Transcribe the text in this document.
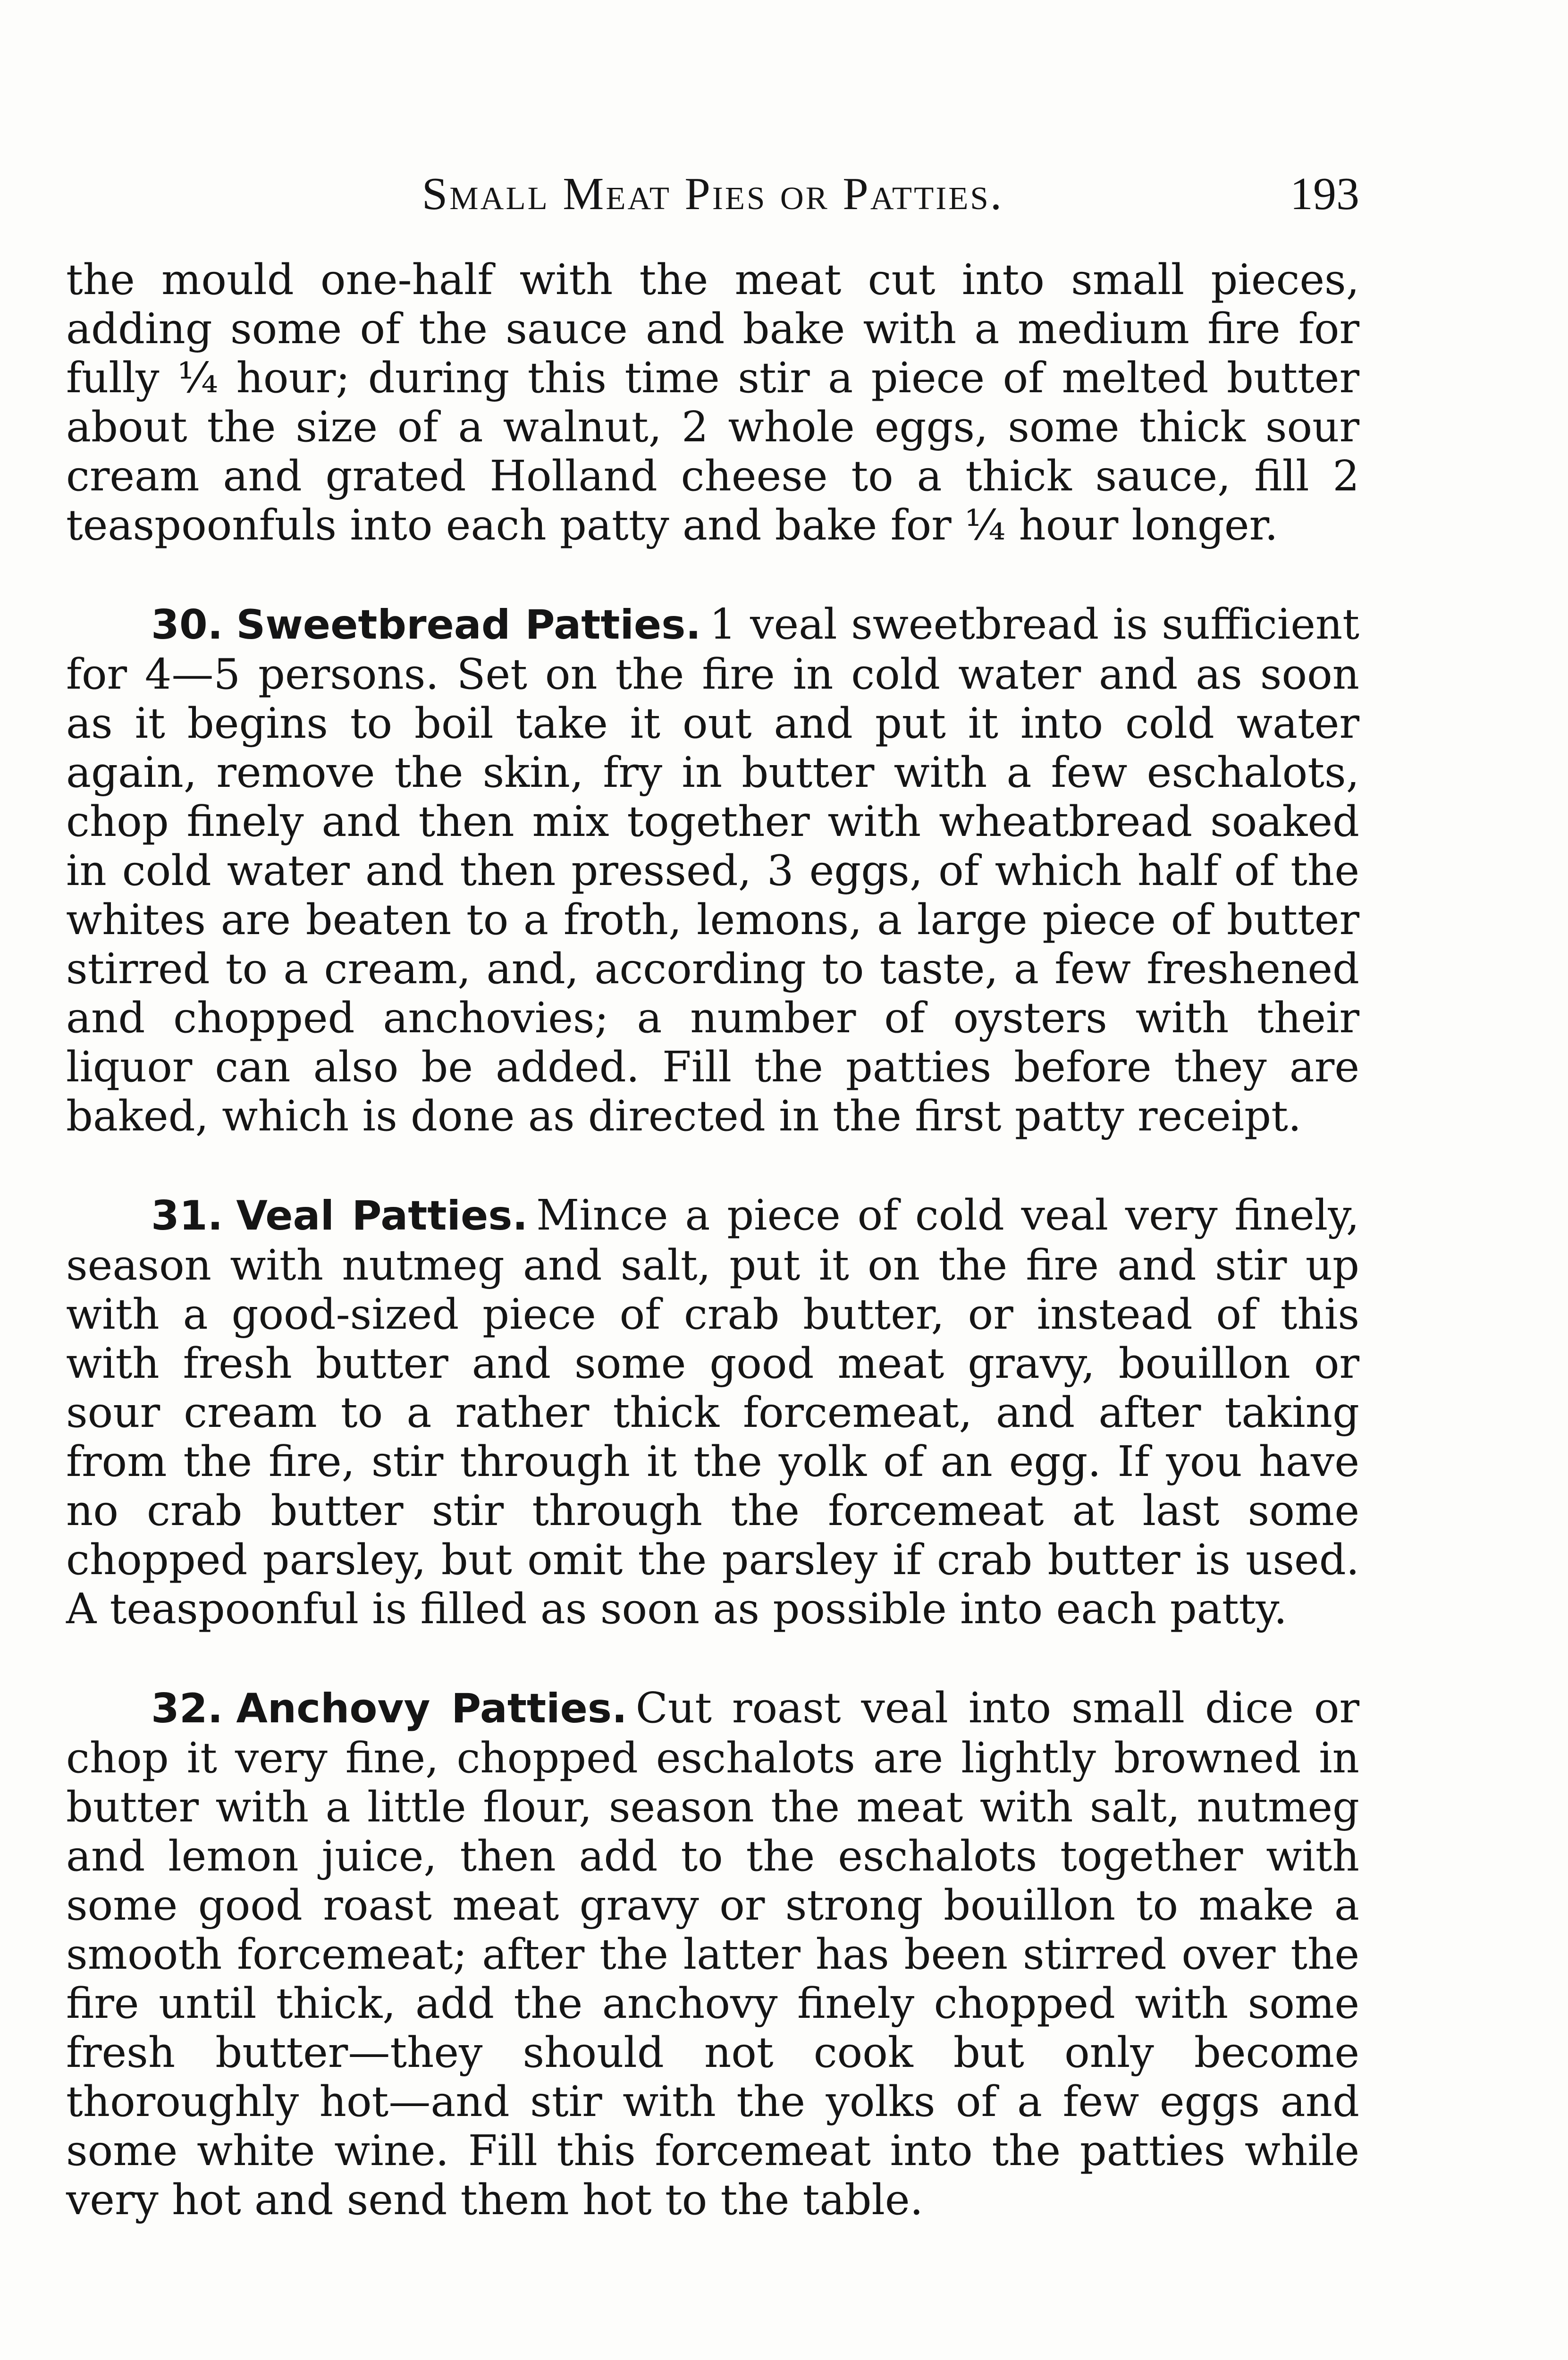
Small Meat Pies or Patties.	193

the mould one-half with the meat cut into small pieces, adding some of the sauce and bake with a medium fire for fully ¼ hour; during this time stir a piece of melted butter about the size of a walnut, 2 whole eggs, some thick sour cream and grated Holland cheese to a thick sauce, fill 2 teaspoonfuls into each patty and bake for ¼ hour longer.

30. Sweetbread Patties. 1 veal sweetbread is sufficient for 4—5 persons. Set on the fire in cold water and as soon as it begins to boil take it out and put it into cold water again, remove the skin, fry in butter with a few eschalots, chop finely and then mix together with wheatbread soaked in cold water and then pressed, 3 eggs, of which half of the whites are beaten to a froth, lemons, a large piece of butter stirred to a cream, and, according to taste, a few freshened and chopped anchovies; a number of oysters with their liquor can also be added. Fill the patties before they are baked, which is done as directed in the first patty receipt.

31. Veal Patties. Mince a piece of cold veal very finely, season with nutmeg and salt, put it on the fire and stir up with a good-sized piece of crab butter, or instead of this with fresh butter and some good meat gravy, bouillon or sour cream to a rather thick forcemeat, and after taking from the fire, stir through it the yolk of an egg. If you have no crab butter stir through the forcemeat at last some chopped parsley, but omit the parsley if crab butter is used. A teaspoonful is filled as soon as possible into each patty.

32. Anchovy Patties. Cut roast veal into small dice or chop it very fine, chopped eschalots are lightly browned in butter with a little flour, season the meat with salt, nutmeg and lemon juice, then add to the eschalots together with some good roast meat gravy or strong bouillon to make a smooth forcemeat; after the latter has been stirred over the fire until thick, add the anchovy finely chopped with some fresh butter—they should not cook but only become thoroughly hot—and stir with the yolks of a few eggs and some white wine. Fill this forcemeat into the patties while very hot and send them hot to the table.
